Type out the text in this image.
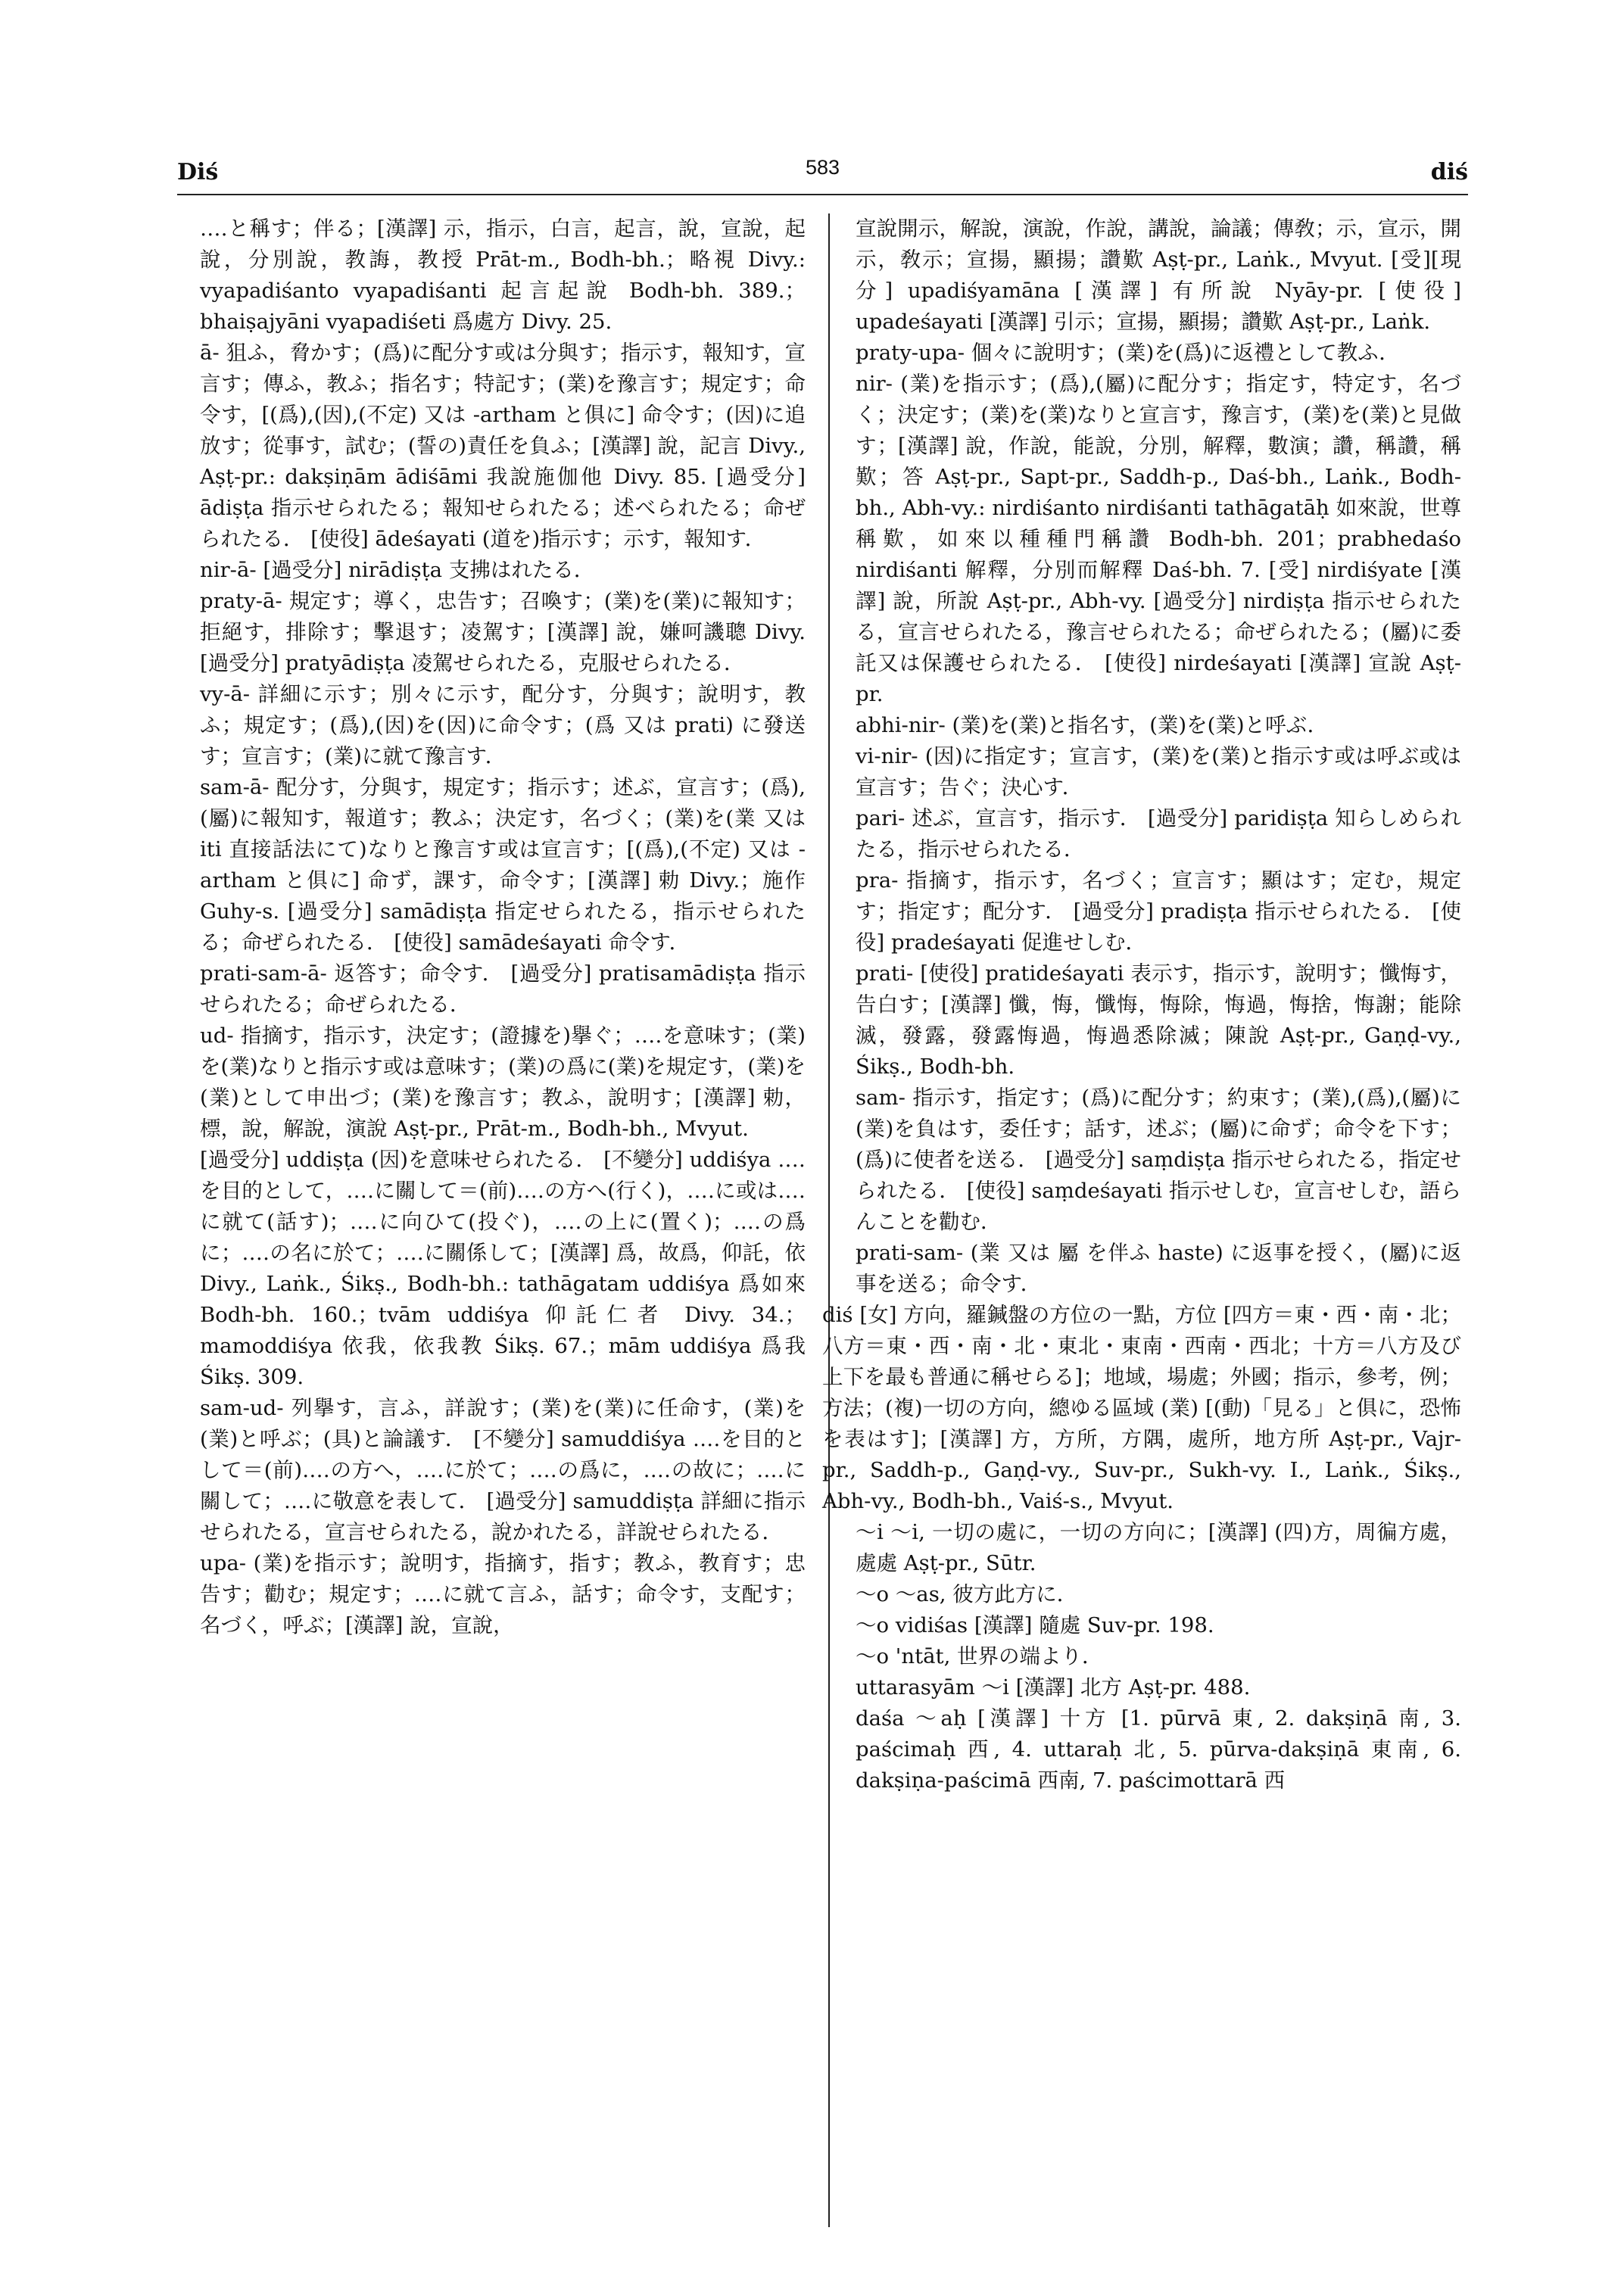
Diś	583	diś

‥‥と稱す；伴る；[漢譯] 示，指示，白言，起言，說，宣說，起說，分別說，教誨，教授 Prāt-m., Bodh-bh.；略視 Divy.: vyapadiśanto vyapadiśanti 起言起說 Bodh-bh. 389.；bhaiṣajyāni vyapadiśeti 爲處方 Divy. 25.

ā- 狙ふ，脅かす；(爲)に配分す或は分與す；指示す，報知す，宣言す；傳ふ，教ふ；指名す；特記す；(業)を豫言す；規定す；命令す，[(爲),(因),(不定) 又は -artham と俱に] 命令す；(因)に追放す；從事す，試む；(誓の)責任を負ふ；[漢譯] 說，記言 Divy., Aṣṭ-pr.: dakṣiṇām ādiśāmi 我說施伽他 Divy. 85. [過受分] ādiṣṭa 指示せられたる；報知せられたる；述べられたる；命ぜられたる． [使役] ādeśayati (道を)指示す；示す，報知す．

nir-ā- [過受分] nirādiṣṭa 支拂はれたる．

praty-ā- 規定す；導く，忠告す；召喚す；(業)を(業)に報知す；拒絕す，排除す；擊退す；凌駕す；[漢譯] 說，嫌呵譏聰 Divy. [過受分] pratyādiṣṭa 凌駕せられたる，克服せられたる．

vy-ā- 詳細に示す；別々に示す，配分す，分與す；說明す，教ふ；規定す；(爲),(因)を(因)に命令す；(爲 又は prati) に發送す；宣言す；(業)に就て豫言す．

sam-ā- 配分す，分與す，規定す；指示す；述ぶ，宣言す；(爲),(屬)に報知す，報道す；教ふ；決定す，名づく；(業)を(業 又は iti 直接話法にて)なりと豫言す或は宣言す；[(爲),(不定) 又は -artham と俱に] 命ず，課す，命令す；[漢譯] 勅 Divy.；施作 Guhy-s. [過受分] samādiṣṭa 指定せられたる，指示せられたる；命ぜられたる． [使役] samādeśayati 命令す．

prati-sam-ā- 返答す；命令す． [過受分] pratisamādiṣṭa 指示せられたる；命ぜられたる．

ud- 指摘す，指示す，決定す；(證據を)擧ぐ；‥‥を意味す；(業)を(業)なりと指示す或は意味す；(業)の爲に(業)を規定す，(業)を(業)として申出づ；(業)を豫言す；教ふ，說明す；[漢譯] 勅，標，說，解說，演說 Aṣṭ-pr., Prāt-m., Bodh-bh., Mvyut.

[過受分] uddiṣṭa (因)を意味せられたる． [不變分] uddiśya ‥‥を目的として，‥‥に關して＝(前)‥‥の方へ(行く)，‥‥に或は‥‥に就て(話す)；‥‥に向ひて(投ぐ)，‥‥の上に(置く)；‥‥の爲に；‥‥の名に於て；‥‥に關係して；[漢譯] 爲，故爲，仰託，依 Divy., Laṅk., Śikṣ., Bodh-bh.: tathāgatam uddiśya 爲如來 Bodh-bh. 160.；tvām uddiśya 仰託仁者 Divy. 34.；mamoddiśya 依我，依我教 Śikṣ. 67.；mām uddiśya 爲我 Śikṣ. 309.

sam-ud- 列擧す，言ふ，詳說す；(業)を(業)に任命す，(業)を(業)と呼ぶ；(具)と論議す． [不變分] samuddiśya ‥‥を目的として＝(前)‥‥の方へ，‥‥に於て；‥‥の爲に，‥‥の故に；‥‥に關して；‥‥に敬意を表して． [過受分] samuddiṣṭa 詳細に指示せられたる，宣言せられたる，說かれたる，詳說せられたる．

upa- (業)を指示す；說明す，指摘す，指す；教ふ，教育す；忠告す；勸む；規定す；‥‥に就て言ふ，話す；命令す，支配す；名づく，呼ぶ；[漢譯] 說，宣說，

宣說開示，解說，演說，作說，講說，論議；傳敎；示，宣示，開示，敎示；宣揚，顯揚；讚歎 Aṣṭ-pr., Laṅk., Mvyut. [受][現分] upadiśyamāna [漢譯] 有所說 Nyāy-pr. [使役] upadeśayati [漢譯] 引示；宣揚，顯揚；讚歎 Aṣṭ-pr., Laṅk.

praty-upa- 個々に說明す；(業)を(爲)に返禮として教ふ．

nir- (業)を指示す；(爲),(屬)に配分す；指定す，特定す，名づく；決定す；(業)を(業)なりと宣言す，豫言す，(業)を(業)と見做す；[漢譯] 說，作說，能說，分別，解釋，數演；讚，稱讚，稱歎；答 Aṣṭ-pr., Sapt-pr., Saddh-p., Daś-bh., Laṅk., Bodh-bh., Abh-vy.: nirdiśanto nirdiśanti tathāgatāḥ 如來說，世尊稱歎，如來以種種門稱讚 Bodh-bh. 201；prabhedaśo nirdiśanti 解釋，分別而解釋 Daś-bh. 7. [受] nirdiśyate [漢譯] 說，所說 Aṣṭ-pr., Abh-vy. [過受分] nirdiṣṭa 指示せられたる，宣言せられたる，豫言せられたる；命ぜられたる；(屬)に委託又は保護せられたる． [使役] nirdeśayati [漢譯] 宣說 Aṣṭ-pr.

abhi-nir- (業)を(業)と指名す，(業)を(業)と呼ぶ．

vi-nir- (因)に指定す；宣言す，(業)を(業)と指示す或は呼ぶ或は宣言す；告ぐ；決心す．

pari- 述ぶ，宣言す，指示す． [過受分] paridiṣṭa 知らしめられたる，指示せられたる．

pra- 指摘す，指示す，名づく；宣言す；顯はす；定む，規定す；指定す；配分す． [過受分] pradiṣṭa 指示せられたる． [使役] pradeśayati 促進せしむ．

prati- [使役] pratideśayati 表示す，指示す，說明す；懺悔す，告白す；[漢譯] 懺，悔，懺悔，悔除，悔過，悔捨，悔謝；能除滅，發露，發露悔過，悔過悉除滅；陳說 Aṣṭ-pr., Gaṇḍ-vy., Śikṣ., Bodh-bh.

sam- 指示す，指定す；(爲)に配分す；約束す；(業),(爲),(屬)に(業)を負はす，委任す；話す，述ぶ；(屬)に命ず；命令を下す；(爲)に使者を送る． [過受分] saṃdiṣṭa 指示せられたる，指定せられたる． [使役] saṃdeśayati 指示せしむ，宣言せしむ，語らんことを勸む．

prati-sam- (業 又は 屬 を伴ふ haste) に返事を授く，(屬)に返事を送る；命令す．

diś [女] 方向，羅鍼盤の方位の一點，方位 [四方＝東・西・南・北；八方＝東・西・南・北・東北・東南・西南・西北；十方＝八方及び上下を最も普通に稱せらる]；地域，場處；外國；指示，參考，例；方法；(複)一切の方向，總ゆる區域 (業) [(動)「見る」と俱に，恐怖を表はす]；[漢譯] 方，方所，方隅，處所，地方所 Aṣṭ-pr., Vajr-pr., Saddh-p., Gaṇḍ-vy., Suv-pr., Sukh-vy. I., Laṅk., Śikṣ., Abh-vy., Bodh-bh., Vaiś-s., Mvyut.

～i ～i, 一切の處に，一切の方向に；[漢譯] (四)方，周徧方處，處處 Aṣṭ-pr., Sūtr.

～o ～as, 彼方此方に．

～o vidiśas [漢譯] 隨處 Suv-pr. 198.

～o 'ntāt, 世界の端より．

uttarasyām ～i [漢譯] 北方 Aṣṭ-pr. 488.

daśa ～aḥ [漢譯] 十方 [1. pūrvā 東, 2. dakṣiṇā 南, 3. paścimaḥ 西, 4. uttaraḥ 北, 5. pūrva-dakṣiṇā 東南, 6. dakṣiṇa-paścimā 西南, 7. paścimottarā 西
